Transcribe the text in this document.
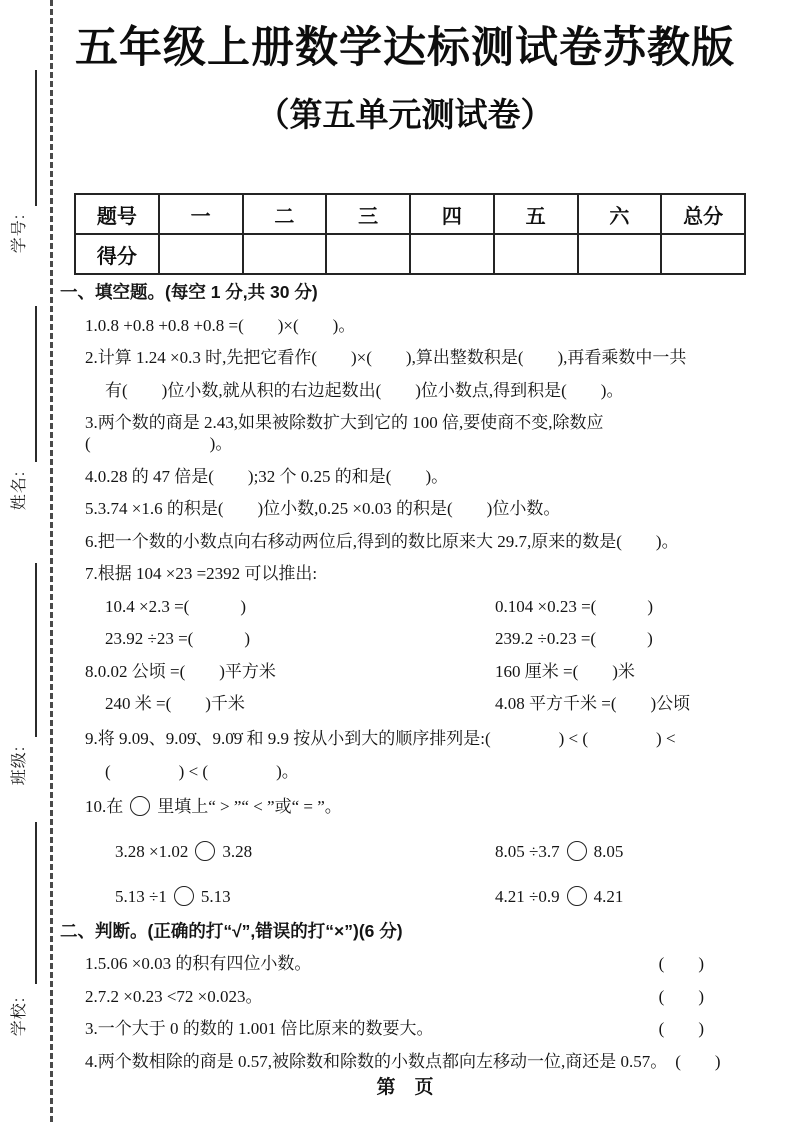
学号:
姓名:
班级:
学校:
五年级上册数学达标测试卷苏教版
（第五单元测试卷）
题号	一	二	三	四	五	六	总分
得分							
一、填空题。(每空 1 分,共 30 分)
1.0.8 +0.8 +0.8 +0.8 =(　　)×(　　)。
2.计算 1.24 ×0.3 时,先把它看作(　　)×(　　),算出整数积是(　　),再看乘数中一共
有(　　)位小数,就从积的右边起数出(　　)位小数点,得到积是(　　)。
3.两个数的商是 2.43,如果被除数扩大到它的 100 倍,要使商不变,除数应(　　　　　　　)。
4.0.28 的 47 倍是(　　);32 个 0.25 的和是(　　)。
5.3.74 ×1.6 的积是(　　)位小数,0.25 ×0.03 的积是(　　)位小数。
6.把一个数的小数点向右移动两位后,得到的数比原来大 29.7,原来的数是(　　)。
7.根据 104 ×23 =2392 可以推出:
10.4 ×2.3 =(　　　)	0.104 ×0.23 =(　　　)
23.92 ÷23 =(　　　)	239.2 ÷0.23 =(　　　)
8.0.02 公顷 =(　　)平方米	160 厘米 =(　　)米
240 米 =(　　)千米	4.08 平方千米 =(　　)公顷
9.将 9.09、9.09̇、9.0̇9̇ 和 9.9 按从小到大的顺序排列是:(　　　　) < (　　　　) <
(　　　　) < (　　　　)。
10.在 里填上“ > ”“ < ”或“ = ”。
3.28 ×1.02 3.28	8.05 ÷3.7 8.05
5.13 ÷1 5.13	4.21 ÷0.9 4.21
二、判断。(正确的打“√”,错误的打“×”)(6 分)
1.5.06 ×0.03 的积有四位小数。	(　　)
2.7.2 ×0.23 <72 ×0.023。	(　　)
3.一个大于 0 的数的 1.001 倍比原来的数要大。	(　　)
4.两个数相除的商是 0.57,被除数和除数的小数点都向左移动一位,商还是 0.57。 (　　)
第　页
